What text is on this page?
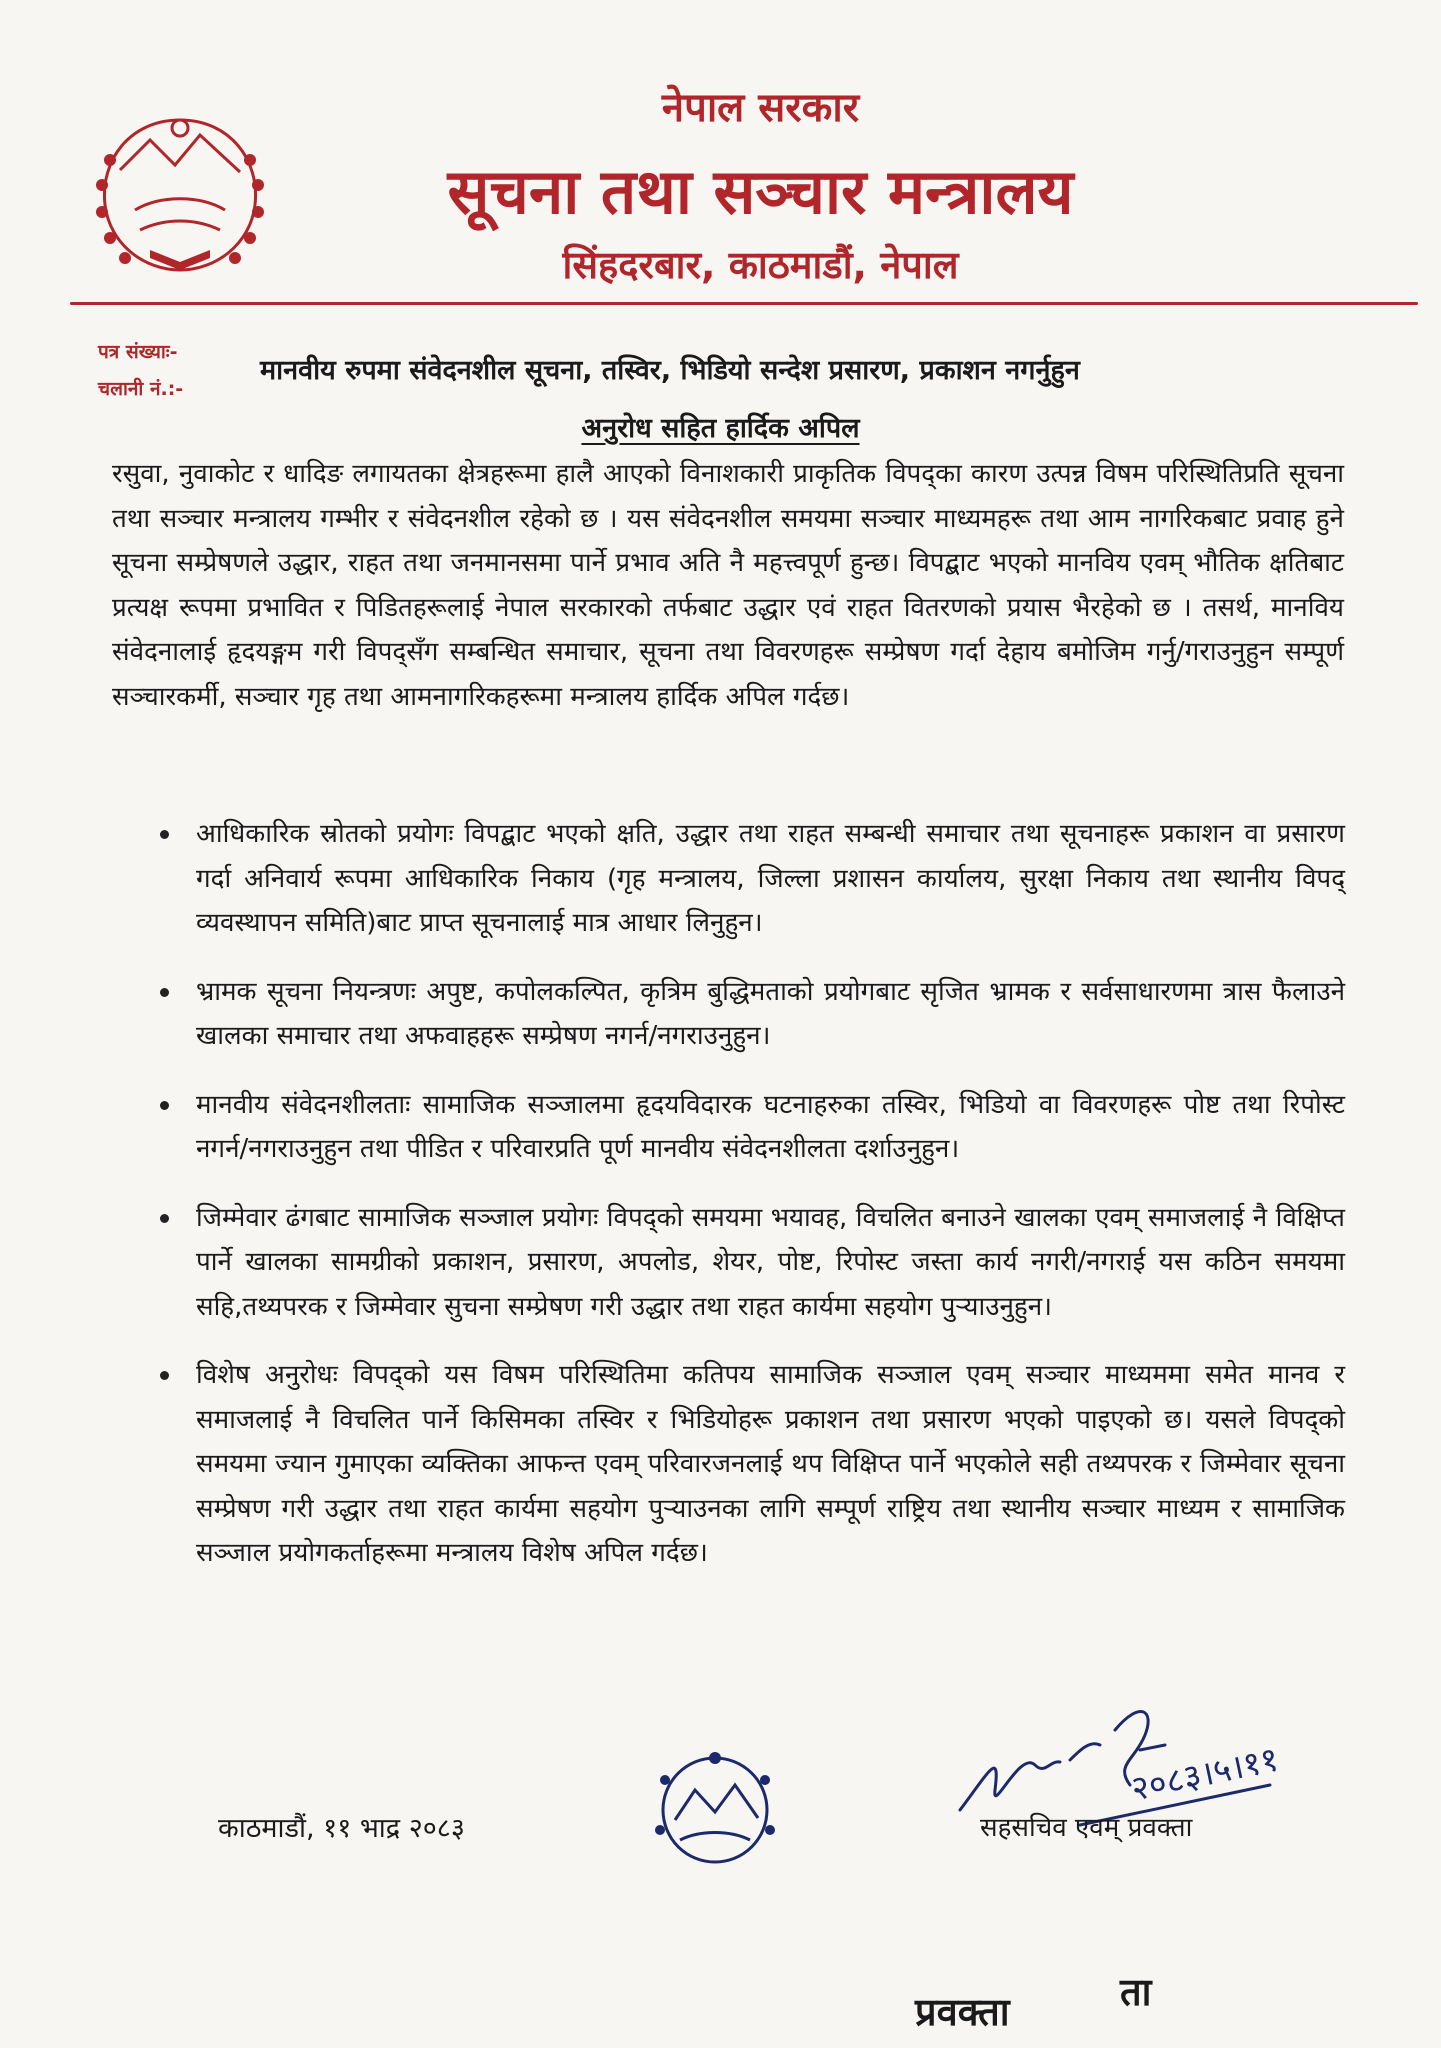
नेपाल सरकार
सूचना तथा सञ्चार मन्त्रालय
सिंहदरबार, काठमाडौं, नेपाल
पत्र संख्याः-
चलानी नं.:-
मानवीय रुपमा संवेदनशील सूचना, तस्विर, भिडियो सन्देश प्रसारण, प्रकाशन नगर्नुहुन
अनुरोध सहित हार्दिक अपिल
रसुवा, नुवाकोट र धादिङ लगायतका क्षेत्रहरूमा हालै आएको विनाशकारी प्राकृतिक विपद्का कारण उत्पन्न विषम परिस्थितिप्रति सूचना तथा सञ्चार मन्त्रालय गम्भीर र संवेदनशील रहेको छ । यस संवेदनशील समयमा सञ्चार माध्यमहरू तथा आम नागरिकबाट प्रवाह हुने सूचना सम्प्रेषणले उद्धार, राहत तथा जनमानसमा पार्ने प्रभाव अति नै महत्त्वपूर्ण हुन्छ। विपद्बाट भएको मानविय एवम् भौतिक क्षतिबाट प्रत्यक्ष रूपमा प्रभावित र पिडितहरूलाई नेपाल सरकारको तर्फबाट उद्धार एवं राहत वितरणको प्रयास भैरहेको छ । तसर्थ, मानविय संवेदनालाई हृदयङ्गम गरी विपद्सँग सम्बन्धित समाचार, सूचना तथा विवरणहरू सम्प्रेषण गर्दा देहाय बमोजिम गर्नु/गराउनुहुन सम्पूर्ण सञ्चारकर्मी, सञ्चार गृह तथा आमनागरिकहरूमा मन्त्रालय हार्दिक अपिल गर्दछ।
आधिकारिक स्रोतको प्रयोगः विपद्बाट भएको क्षति, उद्धार तथा राहत सम्बन्धी समाचार तथा सूचनाहरू प्रकाशन वा प्रसारण गर्दा अनिवार्य रूपमा आधिकारिक निकाय (गृह मन्त्रालय, जिल्ला प्रशासन कार्यालय, सुरक्षा निकाय तथा स्थानीय विपद् व्यवस्थापन समिति)बाट प्राप्त सूचनालाई मात्र आधार लिनुहुन।
भ्रामक सूचना नियन्त्रणः अपुष्ट, कपोलकल्पित, कृत्रिम बुद्धिमताको प्रयोगबाट सृजित भ्रामक र सर्वसाधारणमा त्रास फैलाउने खालका समाचार तथा अफवाहहरू सम्प्रेषण नगर्न/नगराउनुहुन।
मानवीय संवेदनशीलताः सामाजिक सञ्जालमा हृदयविदारक घटनाहरुका तस्विर, भिडियो वा विवरणहरू पोष्ट तथा रिपोस्ट नगर्न/नगराउनुहुन तथा पीडित र परिवारप्रति पूर्ण मानवीय संवेदनशीलता दर्शाउनुहुन।
जिम्मेवार ढंगबाट सामाजिक सञ्जाल प्रयोगः विपद्को समयमा भयावह, विचलित बनाउने खालका एवम् समाजलाई नै विक्षिप्त पार्ने खालका सामग्रीको प्रकाशन, प्रसारण, अपलोड, शेयर, पोष्ट, रिपोस्ट जस्ता कार्य नगरी/नगराई यस कठिन समयमा सहि,तथ्यपरक र जिम्मेवार सुचना सम्प्रेषण गरी उद्धार तथा राहत कार्यमा सहयोग पुऱ्याउनुहुन।
विशेष अनुरोधः विपद्को यस विषम परिस्थितिमा कतिपय सामाजिक सञ्जाल एवम् सञ्चार माध्यममा समेत मानव र समाजलाई नै विचलित पार्ने किसिमका तस्विर र भिडियोहरू प्रकाशन तथा प्रसारण भएको पाइएको छ। यसले विपद्को समयमा ज्यान गुमाएका व्यक्तिका आफन्त एवम् परिवारजनलाई थप विक्षिप्त पार्ने भएकोले सही तथ्यपरक र जिम्मेवार सूचना सम्प्रेषण गरी उद्धार तथा राहत कार्यमा सहयोग पुऱ्याउनका लागि सम्पूर्ण राष्ट्रिय तथा स्थानीय सञ्चार माध्यम र सामाजिक सञ्जाल प्रयोगकर्ताहरूमा मन्त्रालय विशेष अपिल गर्दछ।
काठमाडौं, ११ भाद्र २०८३
२०८३।५।११
सहसचिव एवम् प्रवक्ता
प्रवक्ता	ता
